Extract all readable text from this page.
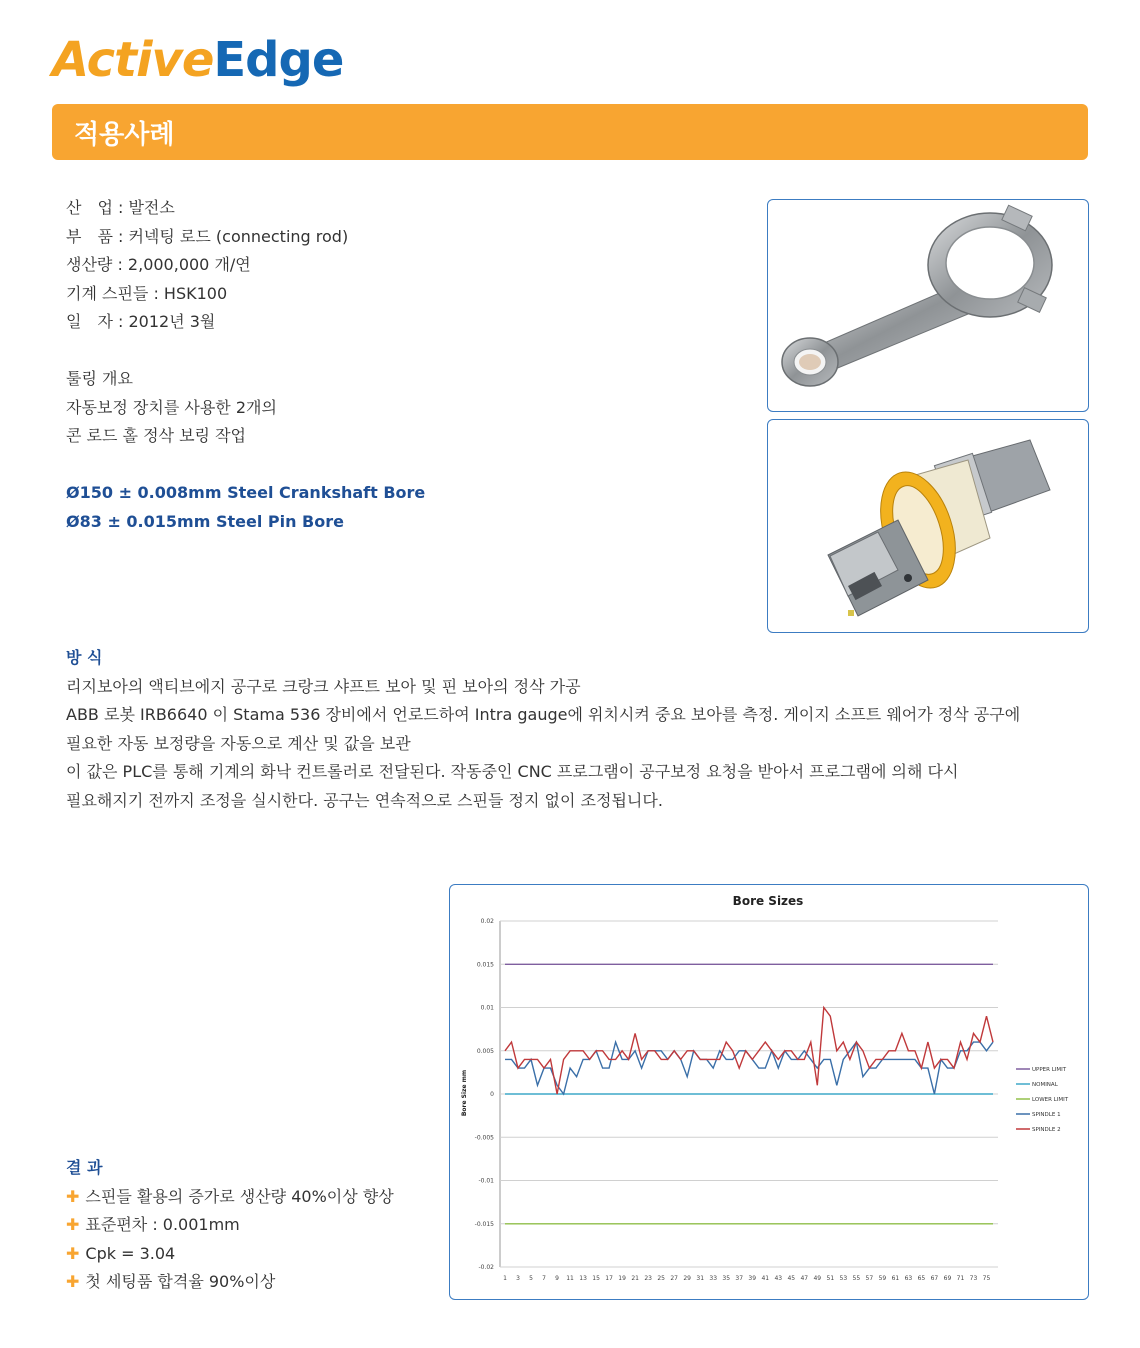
ActiveEdge
적용사례
산　업 : 발전소
부　품 : 커넥팅 로드 (connecting rod)
생산량 : 2,000,000 개/연
기계 스핀들 : HSK100
일　자 : 2012년 3월
툴링 개요
자동보정 장치를 사용한 2개의
콘 로드 홀 정삭 보링 작업
Ø150 ± 0.008mm Steel Crankshaft Bore
Ø83 ± 0.015mm Steel Pin Bore
방 식
리지보아의 액티브에지 공구로 크랑크 샤프트 보아 및 핀 보아의 정삭 가공
ABB 로봇 IRB6640 이 Stama 536 장비에서 언로드하여 Intra gauge에 위치시켜 중요 보아를 측정. 게이지 소프트 웨어가 정삭 공구에
필요한 자동 보정량을 자동으로 계산 및 값을 보관
이 값은 PLC를 통해 기계의 화낙 컨트롤러로 전달된다. 작동중인 CNC 프로그램이 공구보정 요청을 받아서 프로그램에 의해 다시
필요해지기 전까지 조정을 실시한다. 공구는 연속적으로 스핀들 정지 없이 조정됩니다.
결 과
✚ 스핀들 활용의 증가로 생산량 40%이상 향상
✚ 표준편차 : 0.001mm
✚ Cpk = 3.04
✚ 첫 세팅품 합격율 90%이상
Bore Sizes
Bore Size mm
0.02
0.015
0.01
0.005
0
-0.005
-0.01
-0.015
-0.02
1 3 5 7 9 11 13 15 17 19 21 23 25 27 29 31 33 35 37 39 41 43 45 47 49 51 53 55 57 59 61 63 65 67 69 71 73 75
UPPER LIMIT
NOMINAL
LOWER LIMIT
SPINDLE 1
SPINDLE 2
